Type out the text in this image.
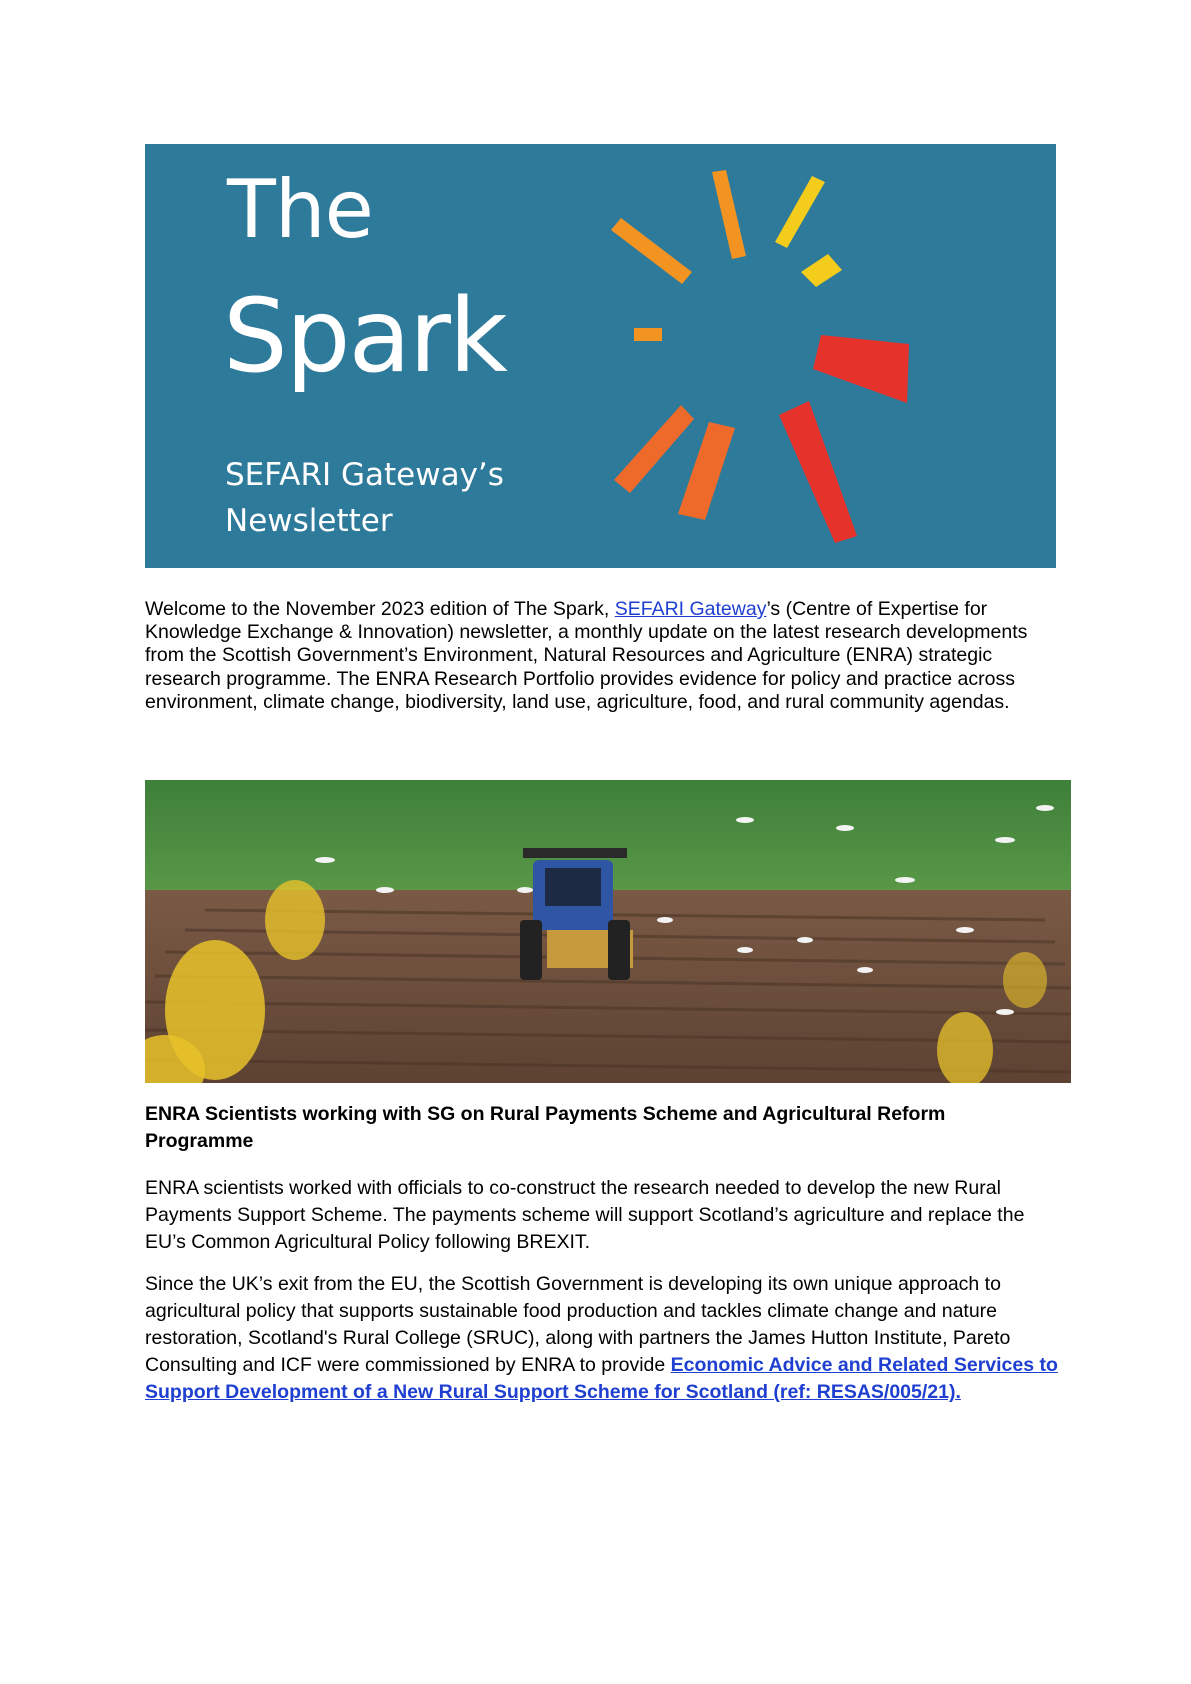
The
Spark
SEFARI Gateway’s
Newsletter
Welcome to the November 2023 edition of The Spark, SEFARI Gateway’s (Centre of Expertise for Knowledge Exchange & Innovation) newsletter, a monthly update on the latest research developments from the Scottish Government’s Environment, Natural Resources and Agriculture (ENRA) strategic research programme. The ENRA Research Portfolio provides evidence for policy and practice across environment, climate change, biodiversity, land use, agriculture, food, and rural community agendas.
ENRA Scientists working with SG on Rural Payments Scheme and Agricultural Reform Programme
ENRA scientists worked with officials to co-construct the research needed to develop the new Rural Payments Support Scheme. The payments scheme will support Scotland’s agriculture and replace the EU’s Common Agricultural Policy following BREXIT.
Since the UK’s exit from the EU, the Scottish Government is developing its own unique approach to agricultural policy that supports sustainable food production and tackles climate change and nature restoration, Scotland's Rural College (SRUC), along with partners the James Hutton Institute, Pareto Consulting and ICF were commissioned by ENRA to provide Economic Advice and Related Services to Support Development of a New Rural Support Scheme for Scotland (ref: RESAS/005/21).
